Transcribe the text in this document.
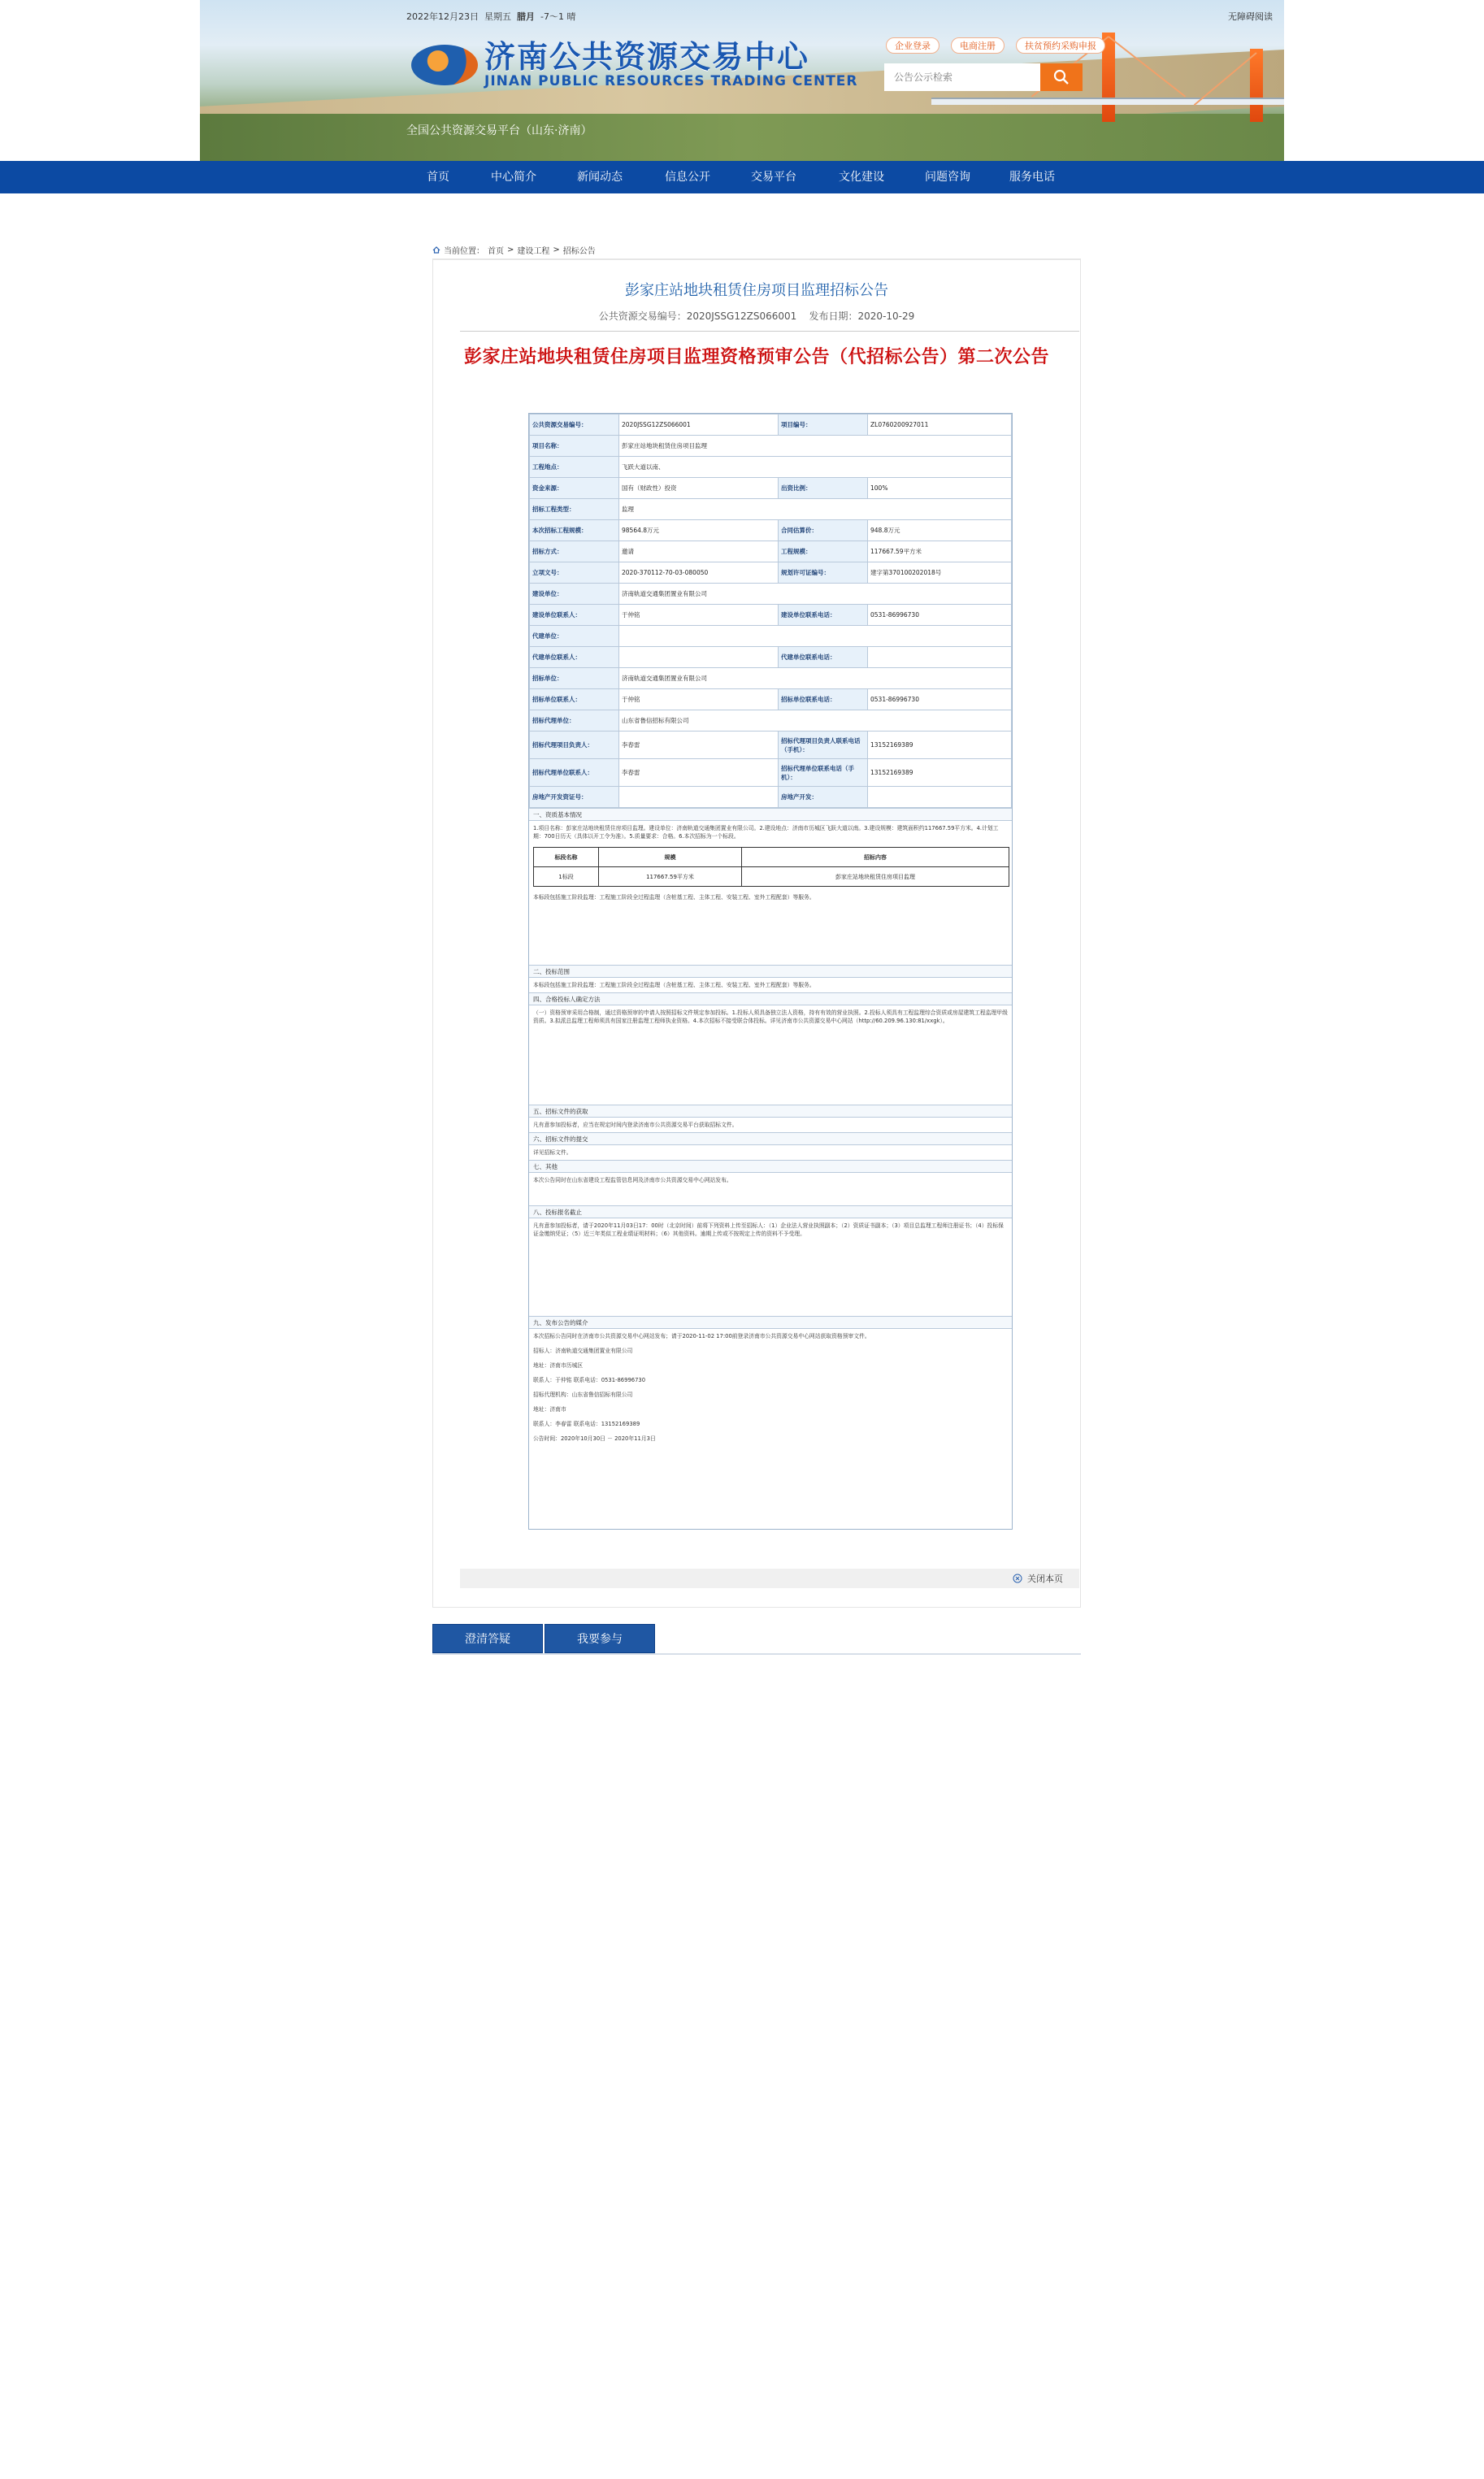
2022年12月23日 星期五 腊月 -7～1 晴	无障碍阅读
济南公共资源交易中心
JINAN PUBLIC RESOURCES TRADING CENTER
全国公共资源交易平台（山东·济南）
企业登录	电商注册	扶贫预约采购申报
公告公示检索
首页	中心简介	新闻动态	信息公开	交易平台	文化建设	问题咨询	服务电话
当前位置： 首页 > 建设工程 > 招标公告
彭家庄站地块租赁住房项目监理招标公告
公共资源交易编号：2020JSSG12ZS066001 发布日期：2020-10-29
彭家庄站地块租赁住房项目监理资格预审公告（代招标公告）第二次公告
公共资源交易编号：	2020JSSG12ZS066001	项目编号：	ZL0760200927011
项目名称：	彭家庄站地块租赁住房项目监理		
工程地点：	飞跃大道以南、		
资金来源：	国有（财政性）投资	出资比例：	100%
招标工程类型：	监理		
本次招标工程规模：	98564.8万元	合同估算价：	948.8万元
招标方式：	邀请	工程规模：	117667.59平方米
立项文号：	2020-370112-70-03-080050	规划许可证编号：	建字第370100202018号
建设单位：	济南轨道交通集团置业有限公司		
建设单位联系人：	于仲铭	建设单位联系电话：	0531-86996730
代建单位：			
代建单位联系人：		代建单位联系电话：	
招标单位：	济南轨道交通集团置业有限公司		
招标单位联系人：	于仲铭	招标单位联系电话：	0531-86996730
招标代理单位：	山东省鲁信招标有限公司		
招标代理项目负责人：	李春雷	招标代理项目负责人联系电话（手机）：	13152169389
招标代理单位联系人：	李春雷	招标代理单位联系电话（手机）：	13152169389
房地产开发资证号：		房地产开发：	
一、资质基本情况
1.项目名称：彭家庄站地块租赁住房项目监理。建设单位：济南轨道交通集团置业有限公司。2.建设地点：济南市历城区飞跃大道以南。3.建设规模：建筑面积约117667.59平方米。4.计划工期：700日历天（具体以开工令为准）。5.质量要求：合格。6.本次招标为一个标段。
标段名称	规模	招标内容
1标段	117667.59平方米	彭家庄站地块租赁住房项目监理
本标段包括施工阶段监理：工程施工阶段全过程监理（含桩基工程、主体工程、安装工程、室外工程配套）等服务。
二、投标范围
本标段包括施工阶段监理：工程施工阶段全过程监理（含桩基工程、主体工程、安装工程、室外工程配套）等服务。
四、合格投标人确定方法
（一）资格预审采用合格制，通过资格预审的申请人按照招标文件规定参加投标。1.投标人须具备独立法人资格，持有有效的营业执照。2.投标人须具有工程监理综合资质或房屋建筑工程监理甲级资质。3.拟派总监理工程师须具有国家注册监理工程师执业资格。4.本次招标不接受联合体投标。详见济南市公共资源交易中心网站（http://60.209.96.130:81/xxgk）。
五、招标文件的获取
凡有意参加投标者，应当在规定时间内登录济南市公共资源交易平台获取招标文件。
六、招标文件的提交
详见招标文件。
七、其他
本次公告同时在山东省建设工程监管信息网及济南市公共资源交易中心网站发布。
八、投标报名截止
凡有意参加投标者，请于2020年11月03日17：00时（北京时间）前将下列资料上传至招标人：（1）企业法人营业执照副本；（2）资质证书副本；（3）项目总监理工程师注册证书；（4）投标保证金缴纳凭证；（5）近三年类似工程业绩证明材料；（6）其他资料。逾期上传或不按规定上传的资料不予受理。
九、发布公告的媒介
本次招标公告同时在济南市公共资源交易中心网站发布；请于2020-11-02 17:00前登录济南市公共资源交易中心网站获取资格预审文件。
招标人：济南轨道交通集团置业有限公司
地址：济南市历城区
联系人：于仲铭 联系电话：0531-86996730
招标代理机构：山东省鲁信招标有限公司
地址：济南市
联系人：李春雷 联系电话：13152169389
公告时间：2020年10月30日 － 2020年11月3日
关闭本页
澄清答疑	我要参与
